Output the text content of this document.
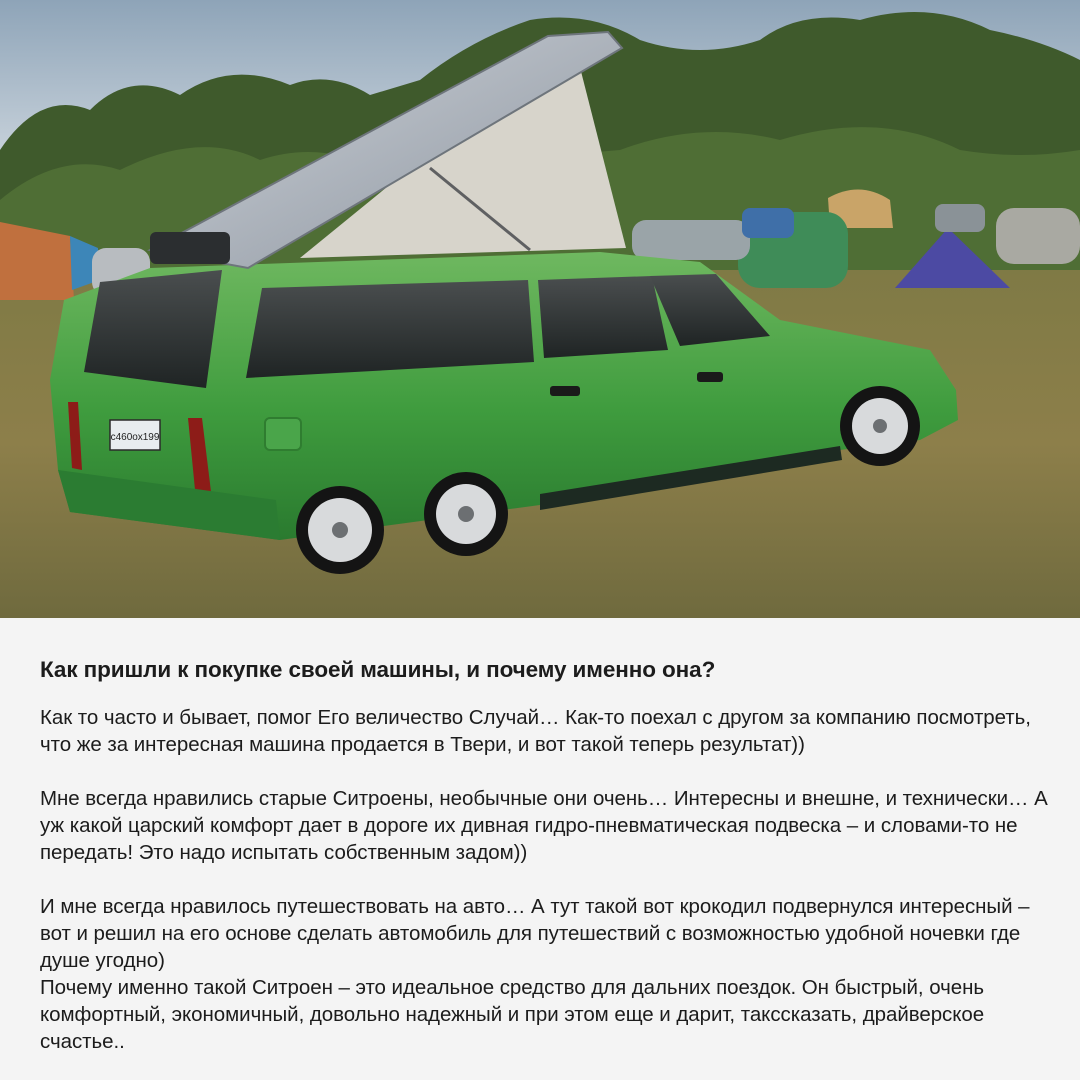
с460ох199
Как пришли к покупке своей машины, и почему именно она?

Как то часто и бывает, помог Его величество Случай… Как-то поехал с другом за компанию посмотреть, что же за интересная машина продается в Твери, и вот такой теперь результат))

Мне всегда нравились старые Ситроены, необычные они очень… Интересны и внешне, и технически… А уж какой царский комфорт дает в дороге их дивная гидро-пневматическая подвеска – и словами-то не передать! Это надо испытать собственным задом))

И мне всегда нравилось путешествовать на авто… А тут такой вот крокодил подвернулся интересный – вот и решил на его основе сделать автомобиль для путешествий с возможностью удобной ночевки где душе угодно)

Почему именно такой Ситроен – это идеальное средство для дальних поездок. Он быстрый, очень комфортный, экономичный, довольно надежный и при этом еще и дарит, такссказать, драйверское счастье..
